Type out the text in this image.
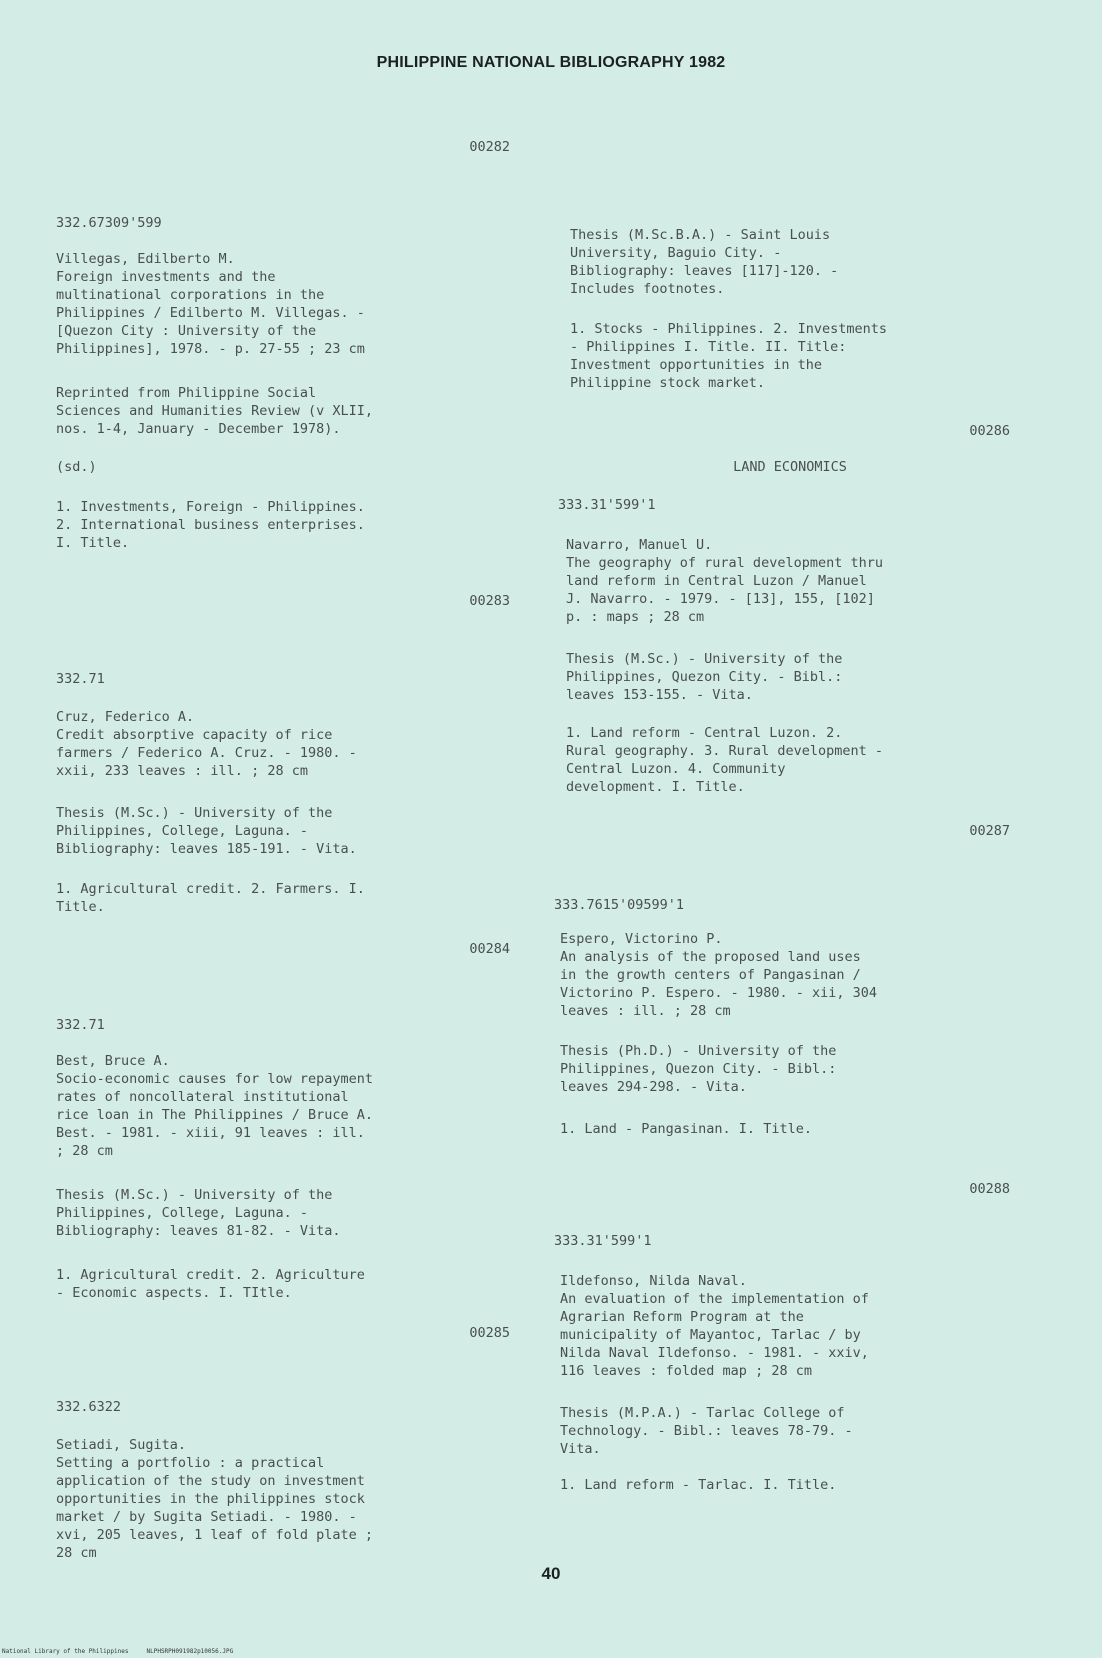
PHILIPPINE NATIONAL BIBLIOGRAPHY 1982
00282
332.67309'599
Villegas, Edilberto M.
Foreign investments and the
multinational corporations in the
Philippines / Edilberto M. Villegas. -
[Quezon City : University of the
Philippines], 1978. - p. 27-55 ; 23 cm
Reprinted from Philippine Social
Sciences and Humanities Review (v XLII,
nos. 1-4, January - December 1978).
(sd.)
1. Investments, Foreign - Philippines.
2. International business enterprises.
I. Title.
00283
332.71
Cruz, Federico A.
Credit absorptive capacity of rice
farmers / Federico A. Cruz. - 1980. -
xxii, 233 leaves : ill. ; 28 cm
Thesis (M.Sc.) - University of the
Philippines, College, Laguna. -
Bibliography: leaves 185-191. - Vita.
1. Agricultural credit. 2. Farmers. I.
Title.
00284
332.71
Best, Bruce A.
Socio-economic causes for low repayment
rates of noncollateral institutional
rice loan in The Philippines / Bruce A.
Best. - 1981. - xiii, 91 leaves : ill.
; 28 cm
Thesis (M.Sc.) - University of the
Philippines, College, Laguna. -
Bibliography: leaves 81-82. - Vita.
1. Agricultural credit. 2. Agriculture
- Economic aspects. I. TItle.
00285
332.6322
Setiadi, Sugita.
Setting a portfolio : a practical
application of the study on investment
opportunities in the philippines stock
market / by Sugita Setiadi. - 1980. -
xvi, 205 leaves, 1 leaf of fold plate ;
28 cm
Thesis (M.Sc.B.A.) - Saint Louis
University, Baguio City. -
Bibliography: leaves [117]-120. -
Includes footnotes.
1. Stocks - Philippines. 2. Investments
- Philippines I. Title. II. Title:
Investment opportunities in the
Philippine stock market.
00286
LAND ECONOMICS
333.31'599'1
Navarro, Manuel U.
The geography of rural development thru
land reform in Central Luzon / Manuel
J. Navarro. - 1979. - [13], 155, [102]
p. : maps ; 28 cm
Thesis (M.Sc.) - University of the
Philippines, Quezon City. - Bibl.:
leaves 153-155. - Vita.
1. Land reform - Central Luzon. 2.
Rural geography. 3. Rural development -
Central Luzon. 4. Community
development. I. Title.
00287
333.7615'09599'1
Espero, Victorino P.
An analysis of the proposed land uses
in the growth centers of Pangasinan /
Victorino P. Espero. - 1980. - xii, 304
leaves : ill. ; 28 cm
Thesis (Ph.D.) - University of the
Philippines, Quezon City. - Bibl.:
leaves 294-298. - Vita.
1. Land - Pangasinan. I. Title.
00288
333.31'599'1
Ildefonso, Nilda Naval.
An evaluation of the implementation of
Agrarian Reform Program at the
municipality of Mayantoc, Tarlac / by
Nilda Naval Ildefonso. - 1981. - xxiv,
116 leaves : folded map ; 28 cm
Thesis (M.P.A.) - Tarlac College of
Technology. - Bibl.: leaves 78-79. -
Vita.
1. Land reform - Tarlac. I. Title.
40
National Library of the Philippines     NLPHSRPH091982p10056.JPG
